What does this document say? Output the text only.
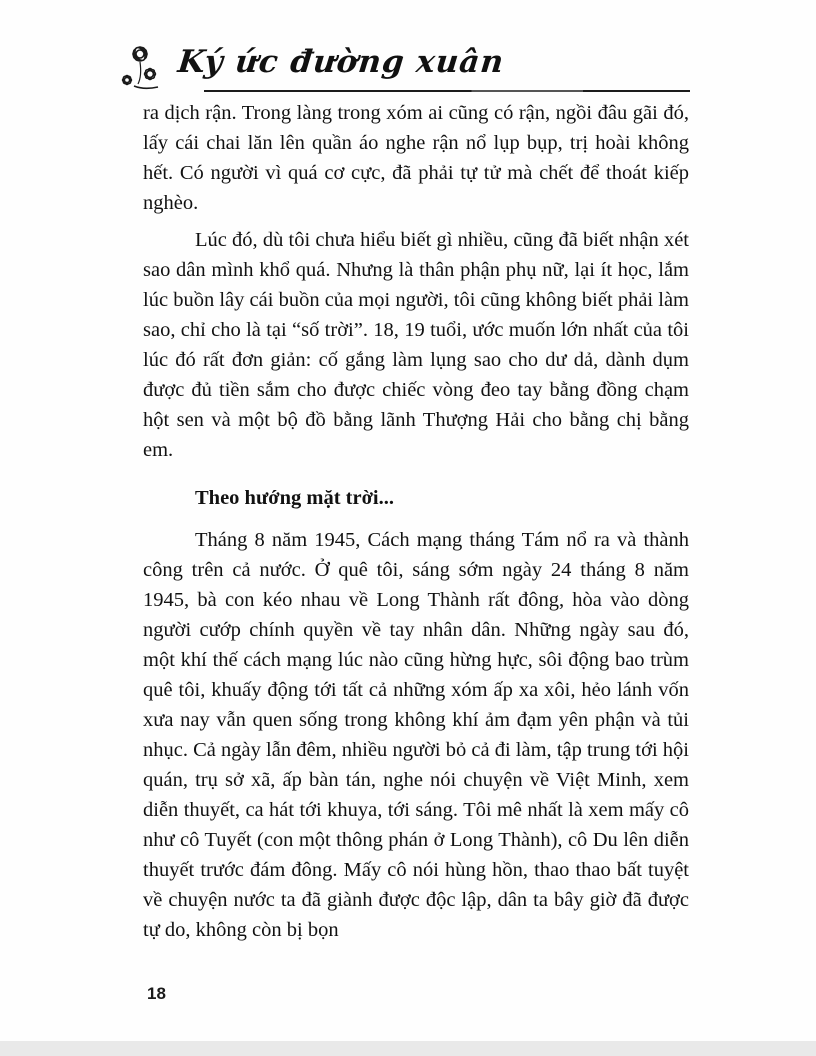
Ký ức đường xuân

ra dịch rận. Trong làng trong xóm ai cũng có rận, ngồi đâu gãi đó, lấy cái chai lăn lên quần áo nghe rận nổ lụp bụp, trị hoài không hết. Có người vì quá cơ cực, đã phải tự tử mà chết để thoát kiếp nghèo.

Lúc đó, dù tôi chưa hiểu biết gì nhiều, cũng đã biết nhận xét sao dân mình khổ quá. Nhưng là thân phận phụ nữ, lại ít học, lắm lúc buồn lây cái buồn của mọi người, tôi cũng không biết phải làm sao, chỉ cho là tại “số trời”. 18, 19 tuổi, ước muốn lớn nhất của tôi lúc đó rất đơn giản: cố gắng làm lụng sao cho dư dả, dành dụm được đủ tiền sắm cho được chiếc vòng đeo tay bằng đồng chạm hột sen và một bộ đồ bằng lãnh Thượng Hải cho bằng chị bằng em.

Theo hướng mặt trời...

Tháng 8 năm 1945, Cách mạng tháng Tám nổ ra và thành công trên cả nước. Ở quê tôi, sáng sớm ngày 24 tháng 8 năm 1945, bà con kéo nhau về Long Thành rất đông, hòa vào dòng người cướp chính quyền về tay nhân dân. Những ngày sau đó, một khí thế cách mạng lúc nào cũng hừng hực, sôi động bao trùm quê tôi, khuấy động tới tất cả những xóm ấp xa xôi, hẻo lánh vốn xưa nay vẫn quen sống trong không khí ảm đạm yên phận và tủi nhục. Cả ngày lẫn đêm, nhiều người bỏ cả đi làm, tập trung tới hội quán, trụ sở xã, ấp bàn tán, nghe nói chuyện về Việt Minh, xem diễn thuyết, ca hát tới khuya, tới sáng. Tôi mê nhất là xem mấy cô như cô Tuyết (con một thông phán ở Long Thành), cô Du lên diễn thuyết trước đám đông. Mấy cô nói hùng hồn, thao thao bất tuyệt về chuyện nước ta đã giành được độc lập, dân ta bây giờ đã được tự do, không còn bị bọn

18
